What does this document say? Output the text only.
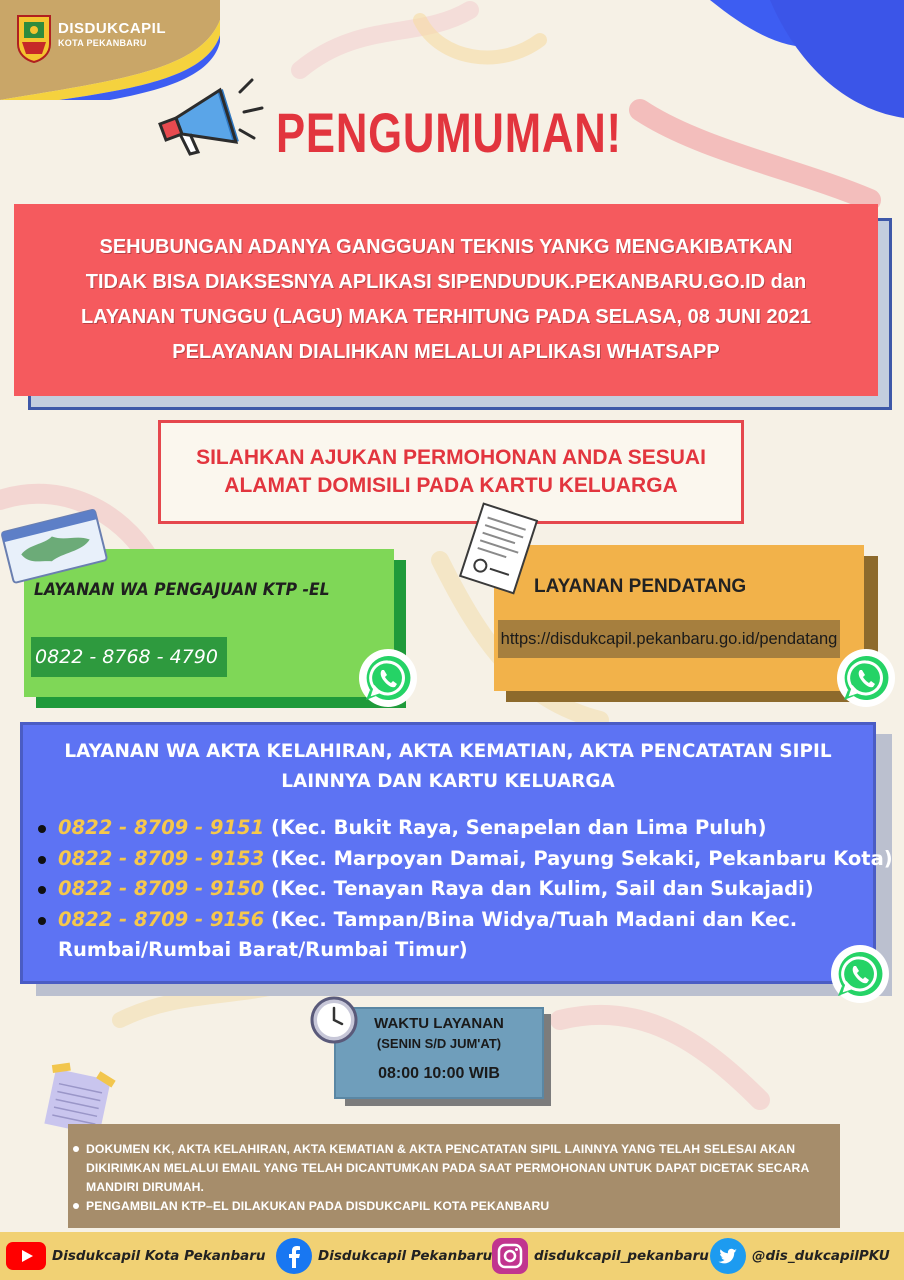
DISDUKCAPIL
KOTA PEKANBARU
PENGUMUMAN!
SEHUBUNGAN ADANYA GANGGUAN TEKNIS YANKG MENGAKIBATKAN
TIDAK BISA DIAKSESNYA APLIKASI SIPENDUDUK.PEKANBARU.GO.ID dan
LAYANAN TUNGGU (LAGU) MAKA TERHITUNG PADA SELASA, 08 JUNI 2021
PELAYANAN DIALIHKAN MELALUI APLIKASI WHATSAPP
SILAHKAN AJUKAN PERMOHONAN ANDA SESUAI
ALAMAT DOMISILI PADA KARTU KELUARGA
LAYANAN WA PENGAJUAN KTP -EL
0822 - 8768 - 4790
LAYANAN PENDATANG
https://disdukcapil.pekanbaru.go.id/pendatang
LAYANAN WA AKTA KELAHIRAN, AKTA KEMATIAN, AKTA PENCATATAN SIPIL
LAINNYA DAN KARTU KELUARGA
0822 - 8709 - 9151 (Kec. Bukit Raya, Senapelan dan Lima Puluh)
0822 - 8709 - 9153 (Kec. Marpoyan Damai, Payung Sekaki, Pekanbaru Kota)
0822 - 8709 - 9150 (Kec. Tenayan Raya dan Kulim, Sail dan Sukajadi)
0822 - 8709 - 9156 (Kec. Tampan/Bina Widya/Tuah Madani dan Kec.
Rumbai/Rumbai Barat/Rumbai Timur)
WAKTU LAYANAN
(SENIN S/D JUM'AT)
08:00 10:00 WIB
DOKUMEN KK, AKTA KELAHIRAN, AKTA KEMATIAN & AKTA PENCATATAN SIPIL LAINNYA YANG TELAH SELESAI AKAN DIKIRIMKAN MELALUI EMAIL YANG TELAH DICANTUMKAN PADA SAAT PERMOHONAN UNTUK DAPAT DICETAK SECARA MANDIRI DIRUMAH.
PENGAMBILAN KTP–EL DILAKUKAN PADA DISDUKCAPIL KOTA PEKANBARU
Disdukcapil Kota Pekanbaru	Disdukcapil Pekanbaru	disdukcapil_pekanbaru	@dis_dukcapilPKU
